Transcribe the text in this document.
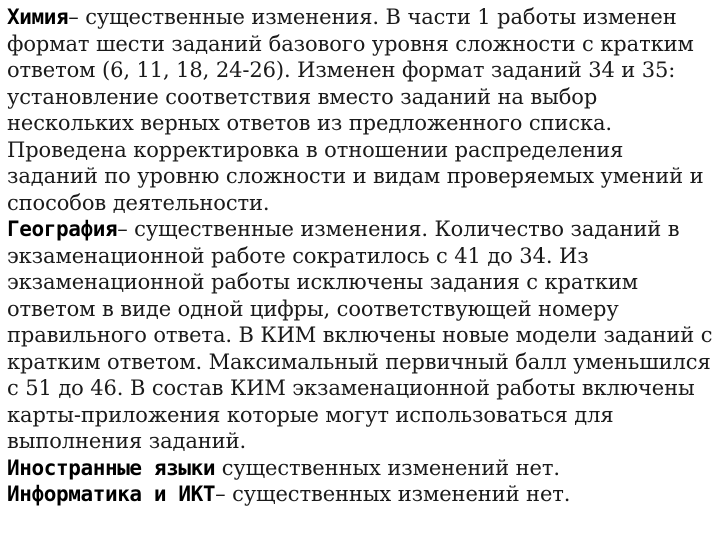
Химия– существенные изменения. В части 1 работы изменен формат шести заданий базового уровня сложности с кратким ответом (6, 11, 18, 24-26). Изменен формат заданий 34 и 35: установление соответствия вместо заданий на выбор нескольких верных ответов из предложенного списка. Проведена корректировка в отношении распределения заданий по уровню сложности и видам проверяемых умений и способов деятельности.

География– существенные изменения. Количество заданий в экзаменационной работе сократилось с 41 до 34. Из экзаменационной работы исключены задания с кратким ответом в виде одной цифры, соответствующей номеру правильного ответа. В КИМ включены новые модели заданий с кратким ответом. Максимальный первичный балл уменьшился с 51 до 46. В состав КИМ экзаменационной работы включены карты-приложения которые могут использоваться для выполнения заданий.

Иностранные языки существенных изменений нет.

Информатика и ИКТ– существенных изменений нет.
